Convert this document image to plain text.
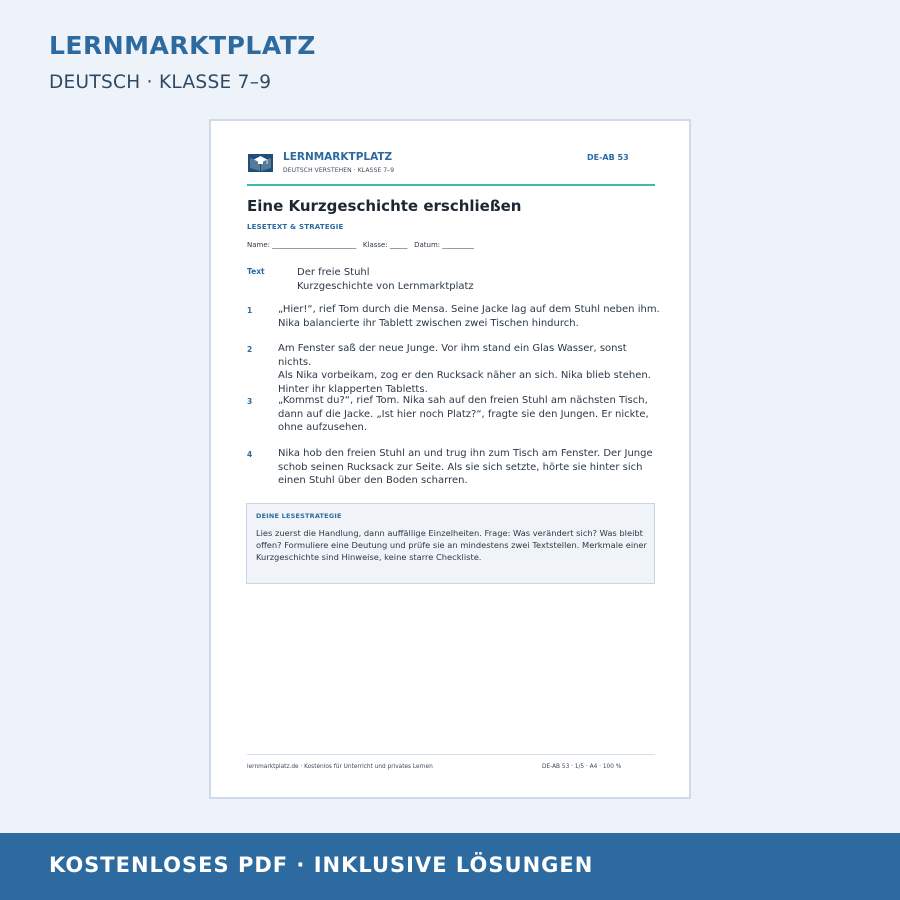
LERNMARKTPLATZ
DEUTSCH · KLASSE 7–9
LERNMARKTPLATZ
DEUTSCH VERSTEHEN · KLASSE 7–9
DE-AB 53
Eine Kurzgeschichte erschließen
LESETEXT & STRATEGIE
Name: ________________________   Klasse: _____   Datum: _________
Text	Der freie Stuhl
Kurzgeschichte von Lernmarktplatz
1	„Hier!“, rief Tom durch die Mensa. Seine Jacke lag auf dem Stuhl neben ihm.
Nika balancierte ihr Tablett zwischen zwei Tischen hindurch.
2	Am Fenster saß der neue Junge. Vor ihm stand ein Glas Wasser, sonst nichts.
Als Nika vorbeikam, zog er den Rucksack näher an sich. Nika blieb stehen.
Hinter ihr klapperten Tabletts.
3	„Kommst du?“, rief Tom. Nika sah auf den freien Stuhl am nächsten Tisch,
dann auf die Jacke. „Ist hier noch Platz?“, fragte sie den Jungen. Er nickte,
ohne aufzusehen.
4	Nika hob den freien Stuhl an und trug ihn zum Tisch am Fenster. Der Junge
schob seinen Rucksack zur Seite. Als sie sich setzte, hörte sie hinter sich
einen Stuhl über den Boden scharren.
DEINE LESESTRATEGIE
Lies zuerst die Handlung, dann auffällige Einzelheiten. Frage: Was verändert sich? Was bleibt offen? Formuliere eine Deutung und prüfe sie an mindestens zwei Textstellen. Merkmale einer Kurzgeschichte sind Hinweise, keine starre Checkliste.
lernmarktplatz.de · Kostenlos für Unterricht und privates Lernen	DE-AB 53 · 1/5 · A4 · 100 %
KOSTENLOSES PDF · INKLUSIVE LÖSUNGEN
